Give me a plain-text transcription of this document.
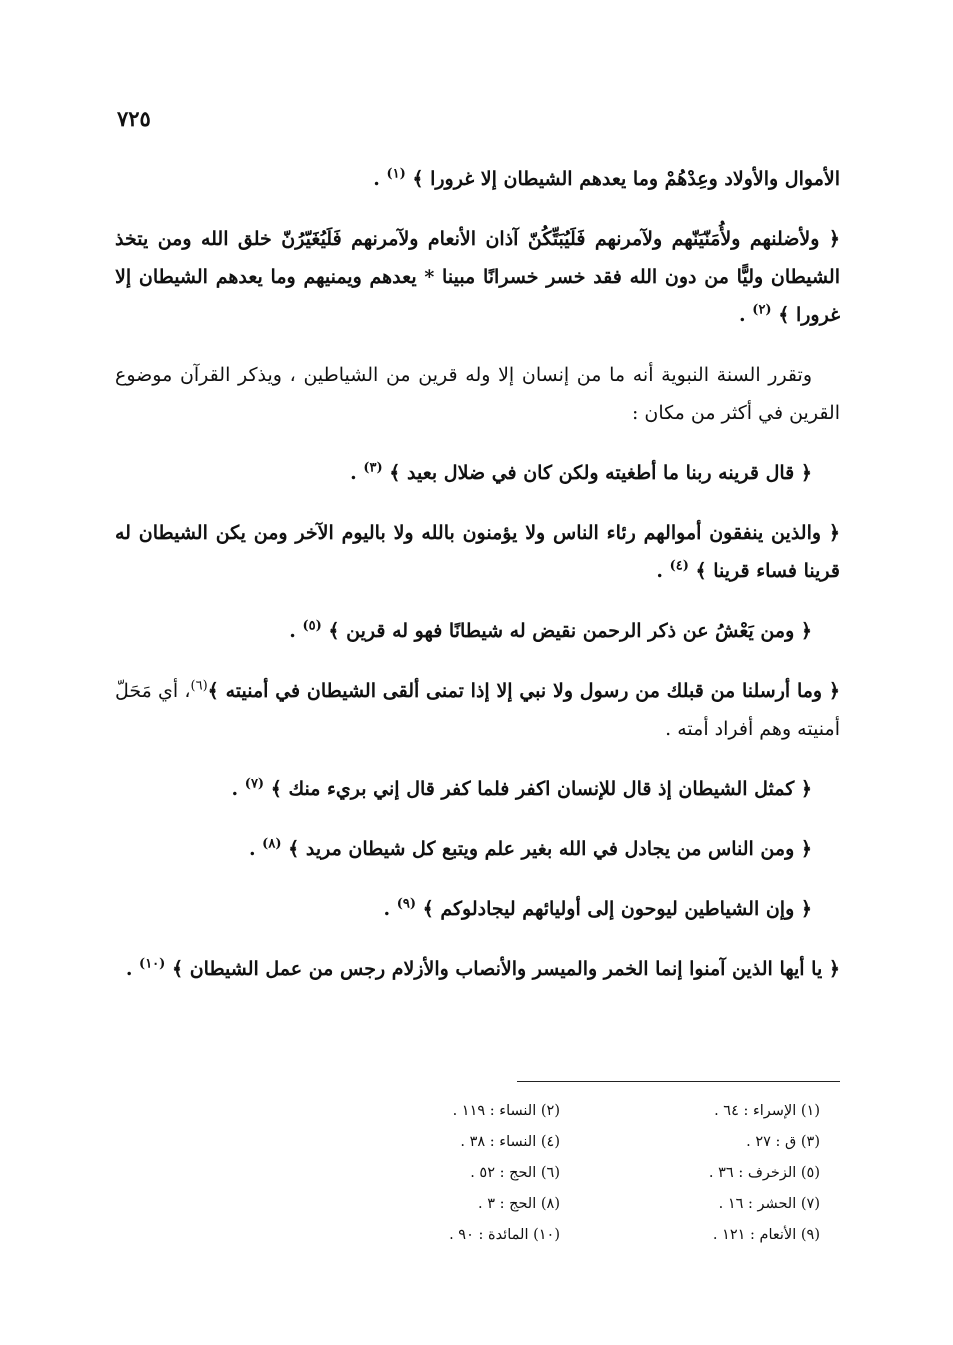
٧٢٥

الأموال والأولاد وعِدْهُمْ وما يعدهم الشيطان إلا غرورا ﴾ $^{(١)}$ .

﴿ ولأضلنهم ولأُمَنّيَنّهم ولآمرنهم فَلَيُبَتِّكُنّ آذان الأنعام ولآمرنهم فَلَيُغَيّرُنّ خلق الله ومن يتخذ الشيطان وليًّا من دون الله فقد خسر خسرانًا مبينا * يعدهم ويمنيهم وما يعدهم الشيطان إلا غرورا ﴾ $^{(٢)}$ .

وتقرر السنة النبوية أنه ما من إنسان إلا وله قرين من الشياطين ، ويذكر القرآن موضوع القرين في أكثر من مكان :

﴿ قال قرينه ربنا ما أطغيته ولكن كان في ضلال بعيد ﴾ $^{(٣)}$ .

﴿ والذين ينفقون أموالهم رئاء الناس ولا يؤمنون بالله ولا باليوم الآخر ومن يكن الشيطان له قرينا فساء قرينا ﴾ $^{(٤)}$ .

﴿ ومن يَعْشُ عن ذكر الرحمن نقيض له شيطانًا فهو له قرين ﴾ $^{(٥)}$ .

﴿ وما أرسلنا من قبلك من رسول ولا نبي إلا إذا تمنى ألقى الشيطان في أمنيته ﴾$^{(٦)}$، أي مَحَلّ أمنيته وهم أفراد أمته .

﴿ كمثل الشيطان إذ قال للإنسان اكفر فلما كفر قال إني بريء منك ﴾ $^{(٧)}$ .

﴿ ومن الناس من يجادل في الله بغير علم ويتبع كل شيطان مريد ﴾ $^{(٨)}$ .

﴿ وإن الشياطين ليوحون إلى أوليائهم ليجادلوكم ﴾ $^{(٩)}$ .

﴿ يا أيها الذين آمنوا إنما الخمر والميسر والأنصاب والأزلام رجس من عمل الشيطان ﴾ $^{(١٠)}$ .

(١) الإسراء : ٦٤ .
(٢) النساء : ١١٩ .
(٣) ق : ٢٧ .
(٤) النساء : ٣٨ .
(٥) الزخرف : ٣٦ .
(٦) الحج : ٥٢ .
(٧) الحشر : ١٦ .
(٨) الحج : ٣ .
(٩) الأنعام : ١٢١ .
(١٠) المائدة : ٩٠ .
